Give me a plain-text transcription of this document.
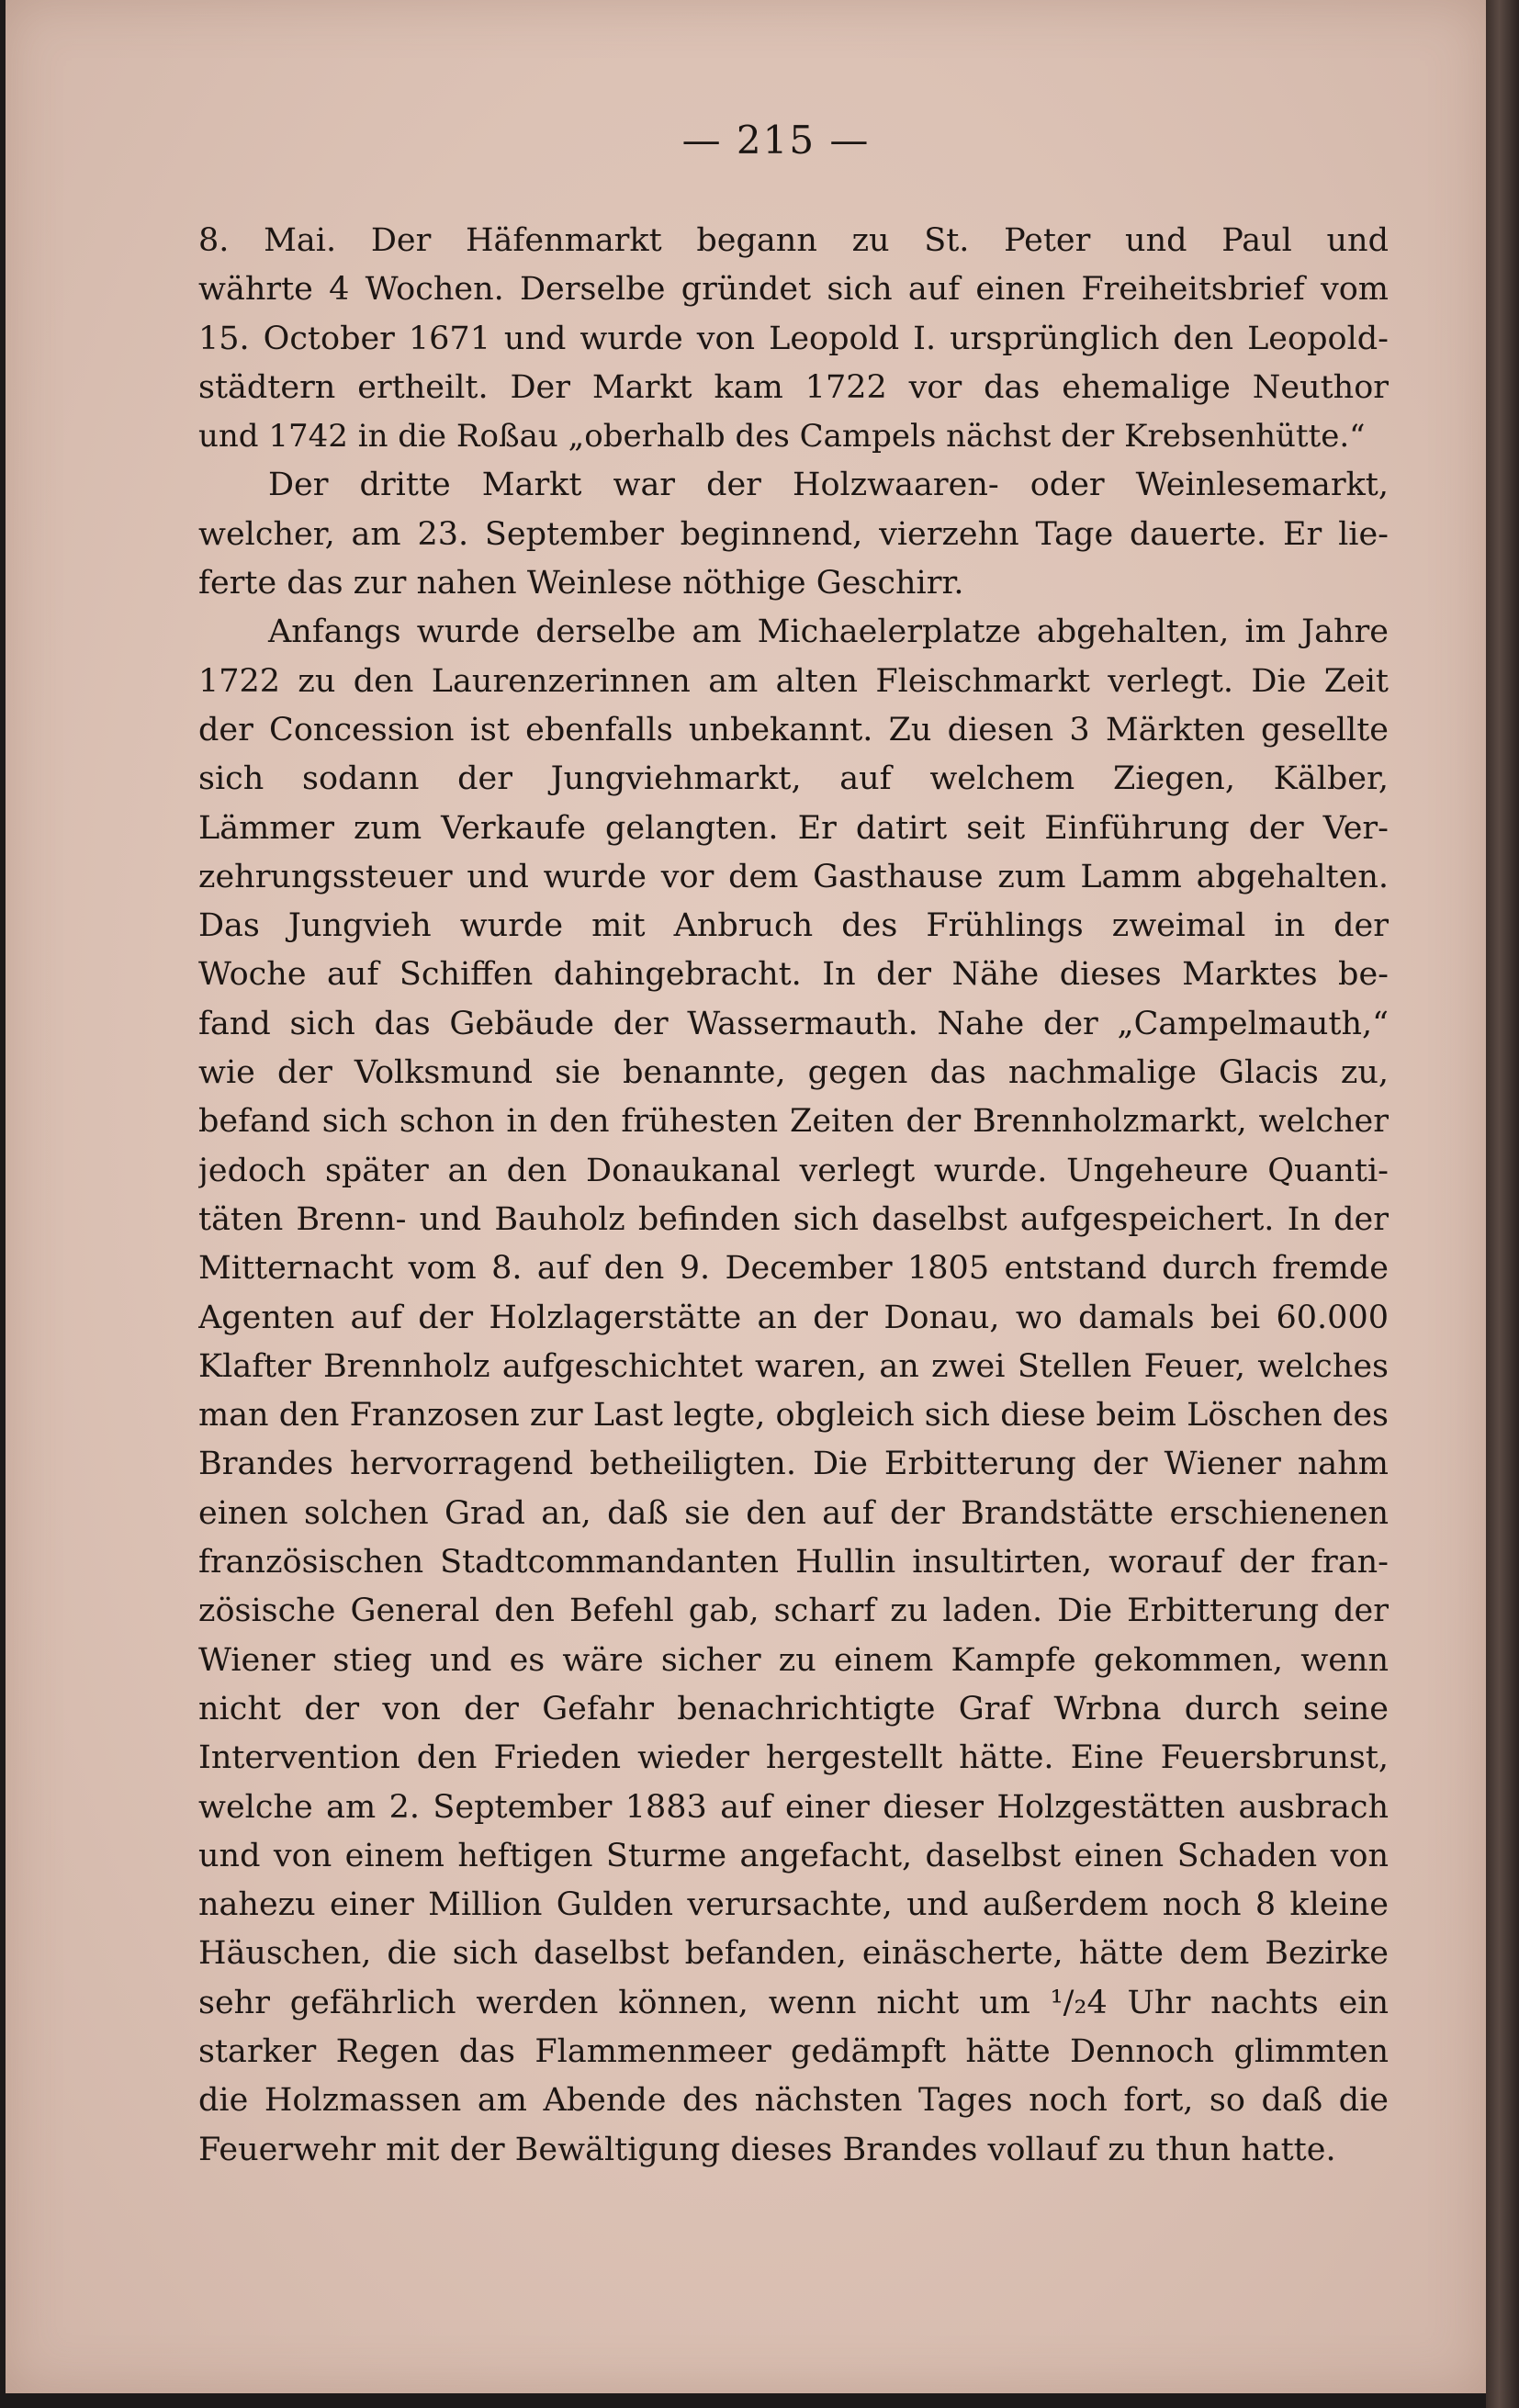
— 215 —
8. Mai. Der Häfenmarkt begann zu St. Peter und Paul und
währte 4 Wochen. Derselbe gründet sich auf einen Freiheitsbrief vom
15. October 1671 und wurde von Leopold I. ursprünglich den Leopold-
städtern ertheilt. Der Markt kam 1722 vor das ehemalige Neuthor
und 1742 in die Roßau „oberhalb des Campels nächst der Krebsenhütte.“
Der dritte Markt war der Holzwaaren- oder Weinlesemarkt,
welcher, am 23. September beginnend, vierzehn Tage dauerte. Er lie-
ferte das zur nahen Weinlese nöthige Geschirr.
Anfangs wurde derselbe am Michaelerplatze abgehalten, im Jahre
1722 zu den Laurenzerinnen am alten Fleischmarkt verlegt. Die Zeit
der Concession ist ebenfalls unbekannt. Zu diesen 3 Märkten gesellte
sich sodann der Jungviehmarkt, auf welchem Ziegen, Kälber,
Lämmer zum Verkaufe gelangten. Er datirt seit Einführung der Ver-
zehrungssteuer und wurde vor dem Gasthause zum Lamm abgehalten.
Das Jungvieh wurde mit Anbruch des Frühlings zweimal in der
Woche auf Schiffen dahingebracht. In der Nähe dieses Marktes be-
fand sich das Gebäude der Wassermauth. Nahe der „Campelmauth,“
wie der Volksmund sie benannte, gegen das nachmalige Glacis zu,
befand sich schon in den frühesten Zeiten der Brennholzmarkt, welcher
jedoch später an den Donaukanal verlegt wurde. Ungeheure Quanti-
täten Brenn- und Bauholz befinden sich daselbst aufgespeichert. In der
Mitternacht vom 8. auf den 9. December 1805 entstand durch fremde
Agenten auf der Holzlagerstätte an der Donau, wo damals bei 60.000
Klafter Brennholz aufgeschichtet waren, an zwei Stellen Feuer, welches
man den Franzosen zur Last legte, obgleich sich diese beim Löschen des
Brandes hervorragend betheiligten. Die Erbitterung der Wiener nahm
einen solchen Grad an, daß sie den auf der Brandstätte erschienenen
französischen Stadtcommandanten Hullin insultirten, worauf der fran-
zösische General den Befehl gab, scharf zu laden. Die Erbitterung der
Wiener stieg und es wäre sicher zu einem Kampfe gekommen, wenn
nicht der von der Gefahr benachrichtigte Graf Wrbna durch seine
Intervention den Frieden wieder hergestellt hätte. Eine Feuersbrunst,
welche am 2. September 1883 auf einer dieser Holzgestätten ausbrach
und von einem heftigen Sturme angefacht, daselbst einen Schaden von
nahezu einer Million Gulden verursachte, und außerdem noch 8 kleine
Häuschen, die sich daselbst befanden, einäscherte, hätte dem Bezirke
sehr gefährlich werden können, wenn nicht um ¹/₂4 Uhr nachts ein
starker Regen das Flammenmeer gedämpft hätte Dennoch glimmten
die Holzmassen am Abende des nächsten Tages noch fort, so daß die
Feuerwehr mit der Bewältigung dieses Brandes vollauf zu thun hatte.
